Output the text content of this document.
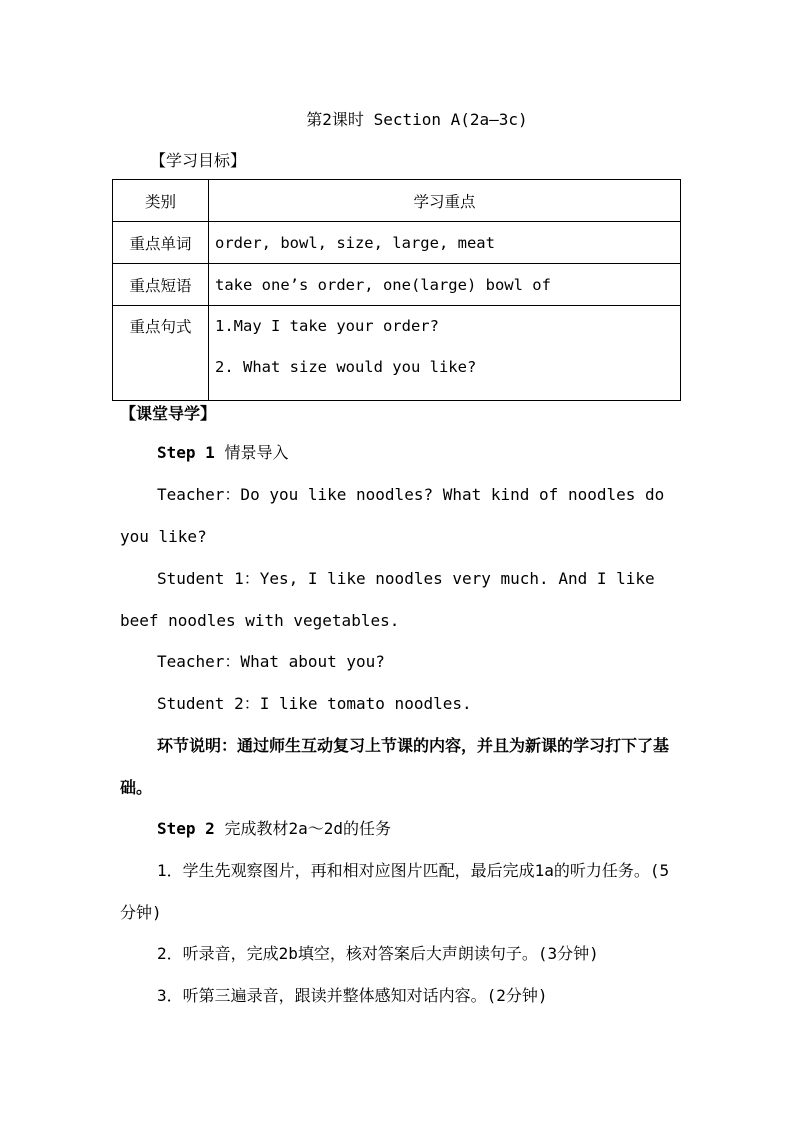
第2课时 Section A(2a—3c)
【学习目标】
类别	学习重点
重点单词	order, bowl, size, large, meat
重点短语	take one’s order, one(large) bowl of
重点句式	1.May I take your order?
2. What size would you like?
【课堂导学】
Step 1 情景导入
Teacher：Do you like noodles? What kind of noodles do you like?
Student 1：Yes, I like noodles very much. And I like beef noodles with vegetables.
Teacher：What about you?
Student 2：I like tomato noodles.
环节说明：通过师生互动复习上节课的内容，并且为新课的学习打下了基础。
Step 2 完成教材2a～2d的任务
1．学生先观察图片，再和相对应图片匹配，最后完成1a的听力任务。(5分钟)
2．听录音，完成2b填空，核对答案后大声朗读句子。(3分钟)
3．听第三遍录音，跟读并整体感知对话内容。(2分钟)
